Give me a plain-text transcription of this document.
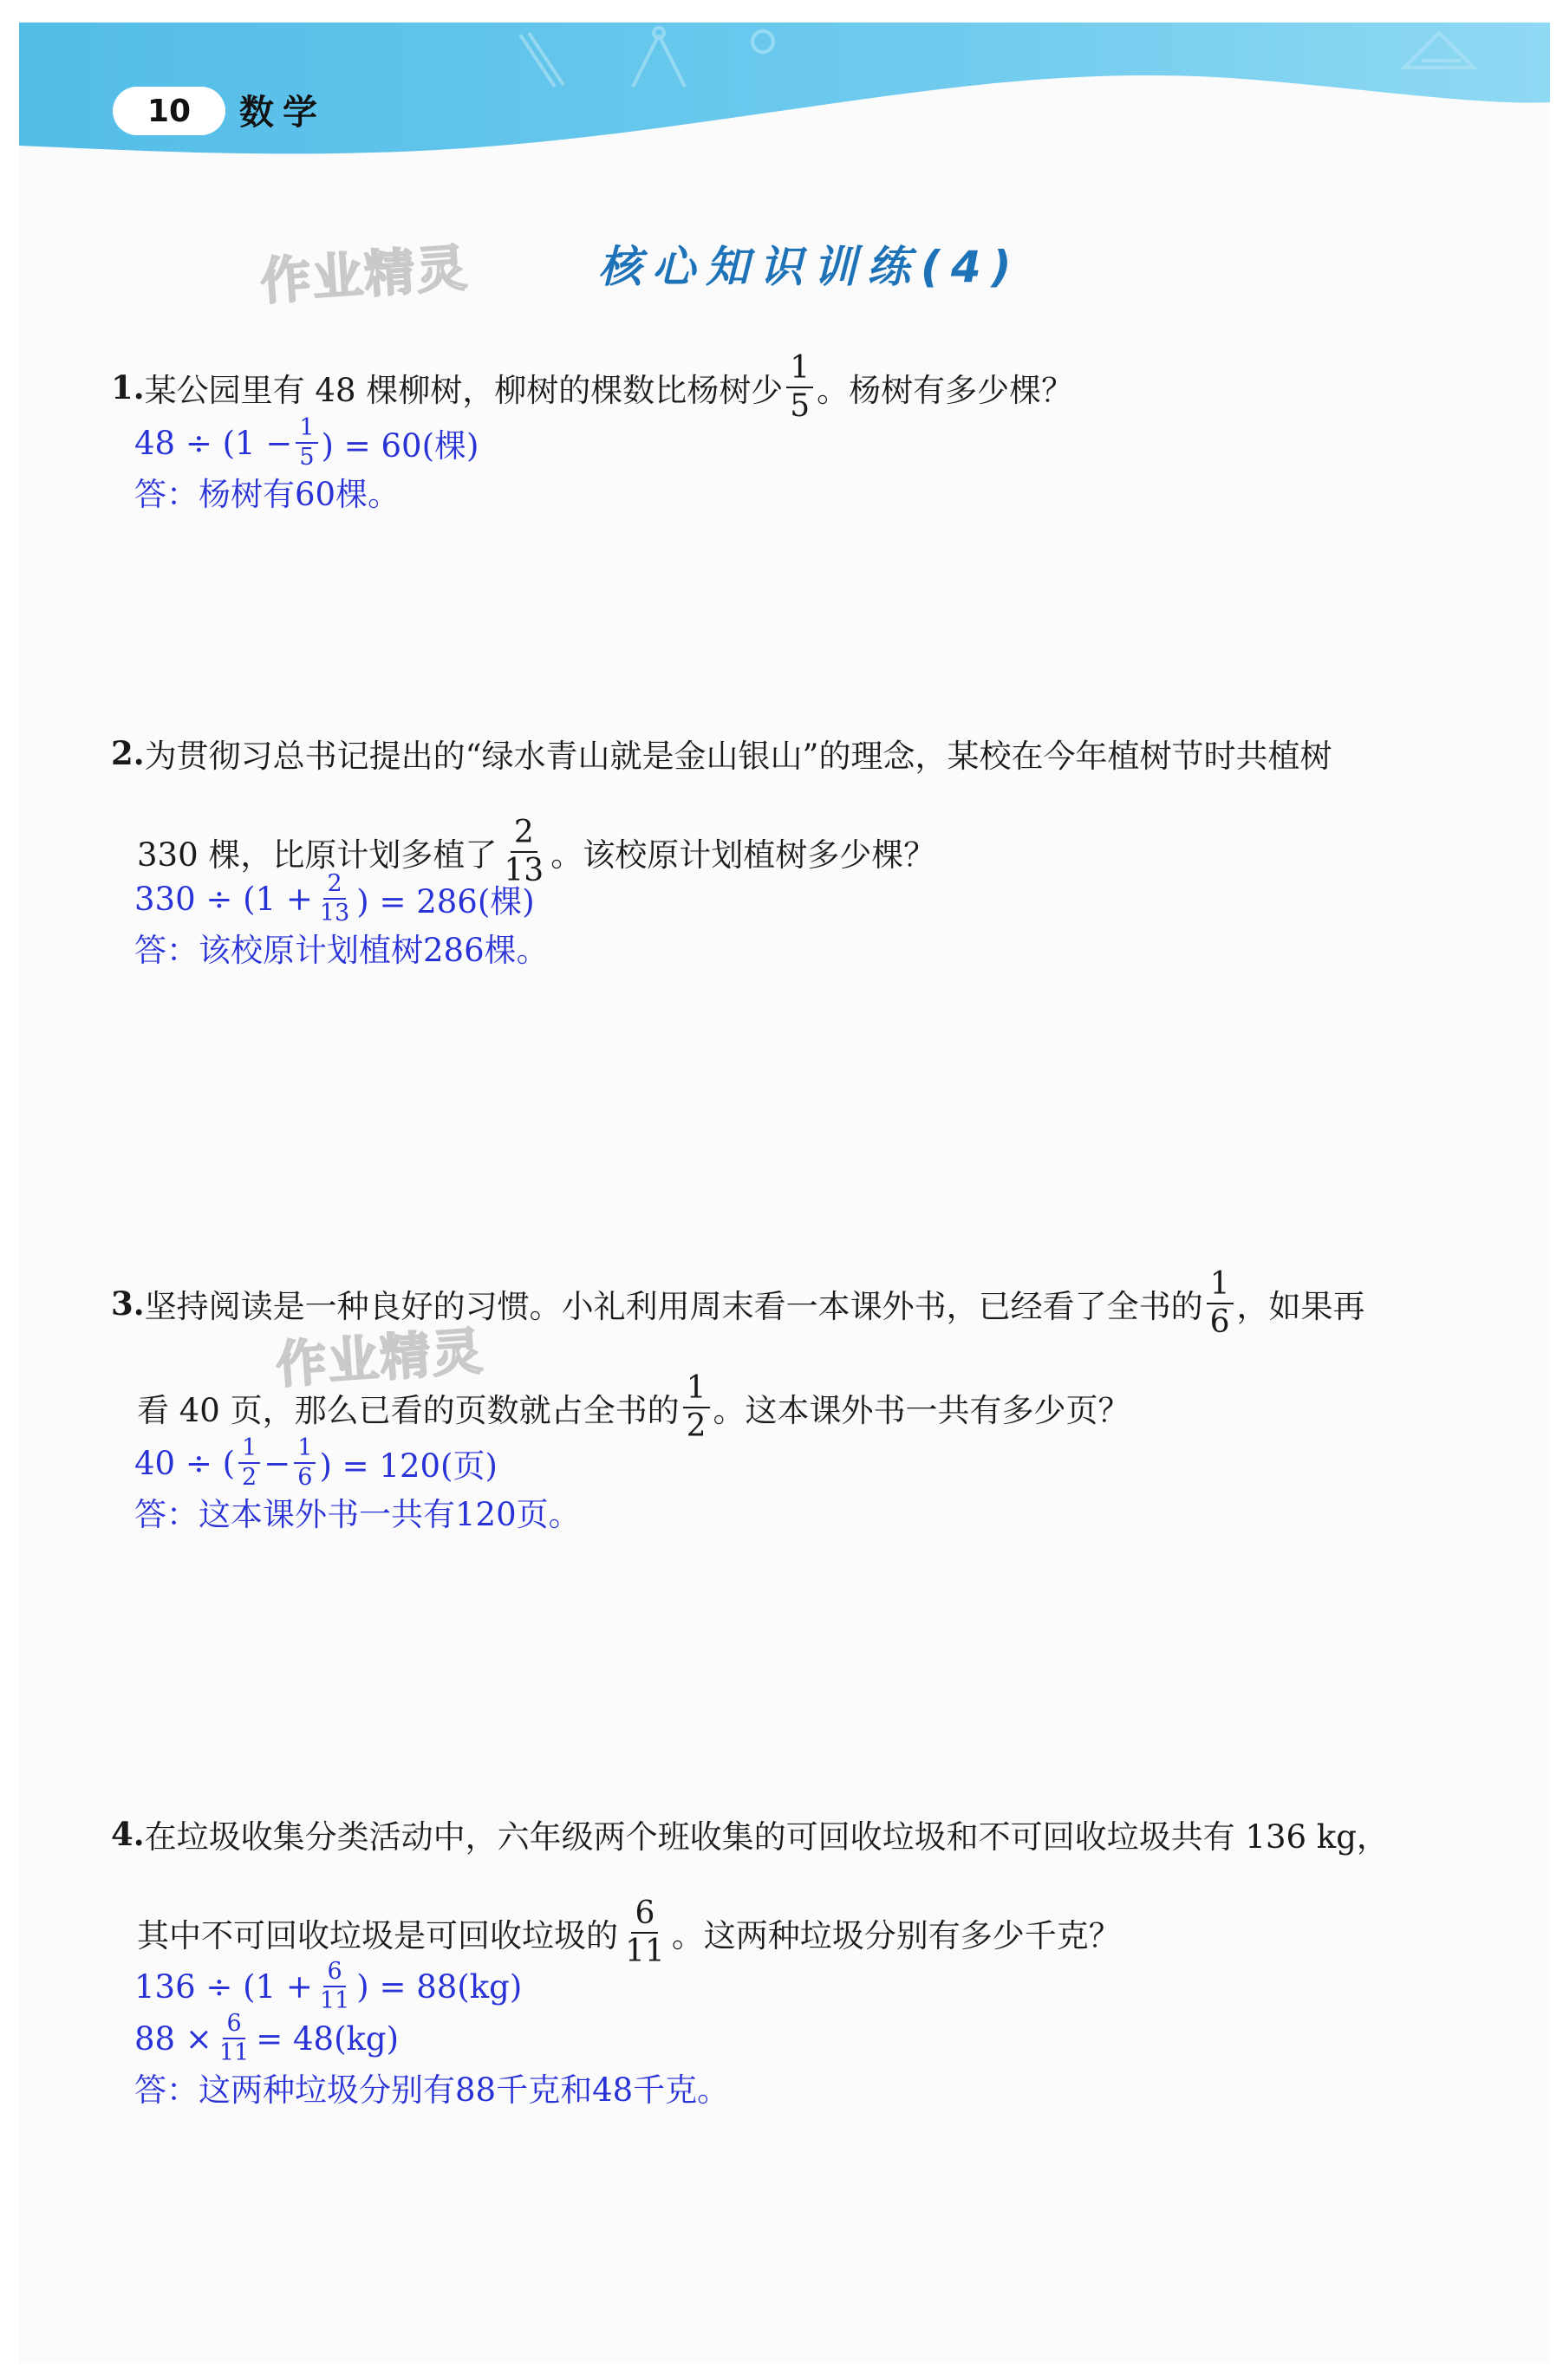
10	数学
作业精灵
作业精灵
核心知识训练(4)
1. 某公园里有 48 棵柳树，柳树的棵数比杨树少 $\frac{1}{5}$ 。杨树有多少棵？
$48 \div (1 - \frac{1}{5}$ ) = 60(棵)
答：杨树有60棵。
2. 为贯彻习总书记提出的“绿水青山就是金山银山”的理念，某校在今年植树节时共植树
330 棵，比原计划多植了 $\frac{2}{13}$ 。该校原计划植树多少棵？
$330 \div (1 + \frac{2}{13}$ ) = 286(棵)
答：该校原计划植树286棵。
3. 坚持阅读是一种良好的习惯。小礼利用周末看一本课外书，已经看了全书的 $\frac{1}{6}$ ，如果再
看 40 页，那么已看的页数就占全书的 $\frac{1}{2}$ 。这本课外书一共有多少页？
40 ÷ ( $\frac{1}{2} - \frac{1}{6}$ ) = 120(页)
答：这本课外书一共有120页。
4. 在垃圾收集分类活动中，六年级两个班收集的可回收垃圾和不可回收垃圾共有 136 kg，
其中不可回收垃圾是可回收垃圾的 $\frac{6}{11}$ 。这两种垃圾分别有多少千克？
$136 \div (1 + \frac{6}{11}$ ) = 88(kg)
$88 \times \frac{6}{11} = 48(kg)$
答：这两种垃圾分别有88千克和48千克。
